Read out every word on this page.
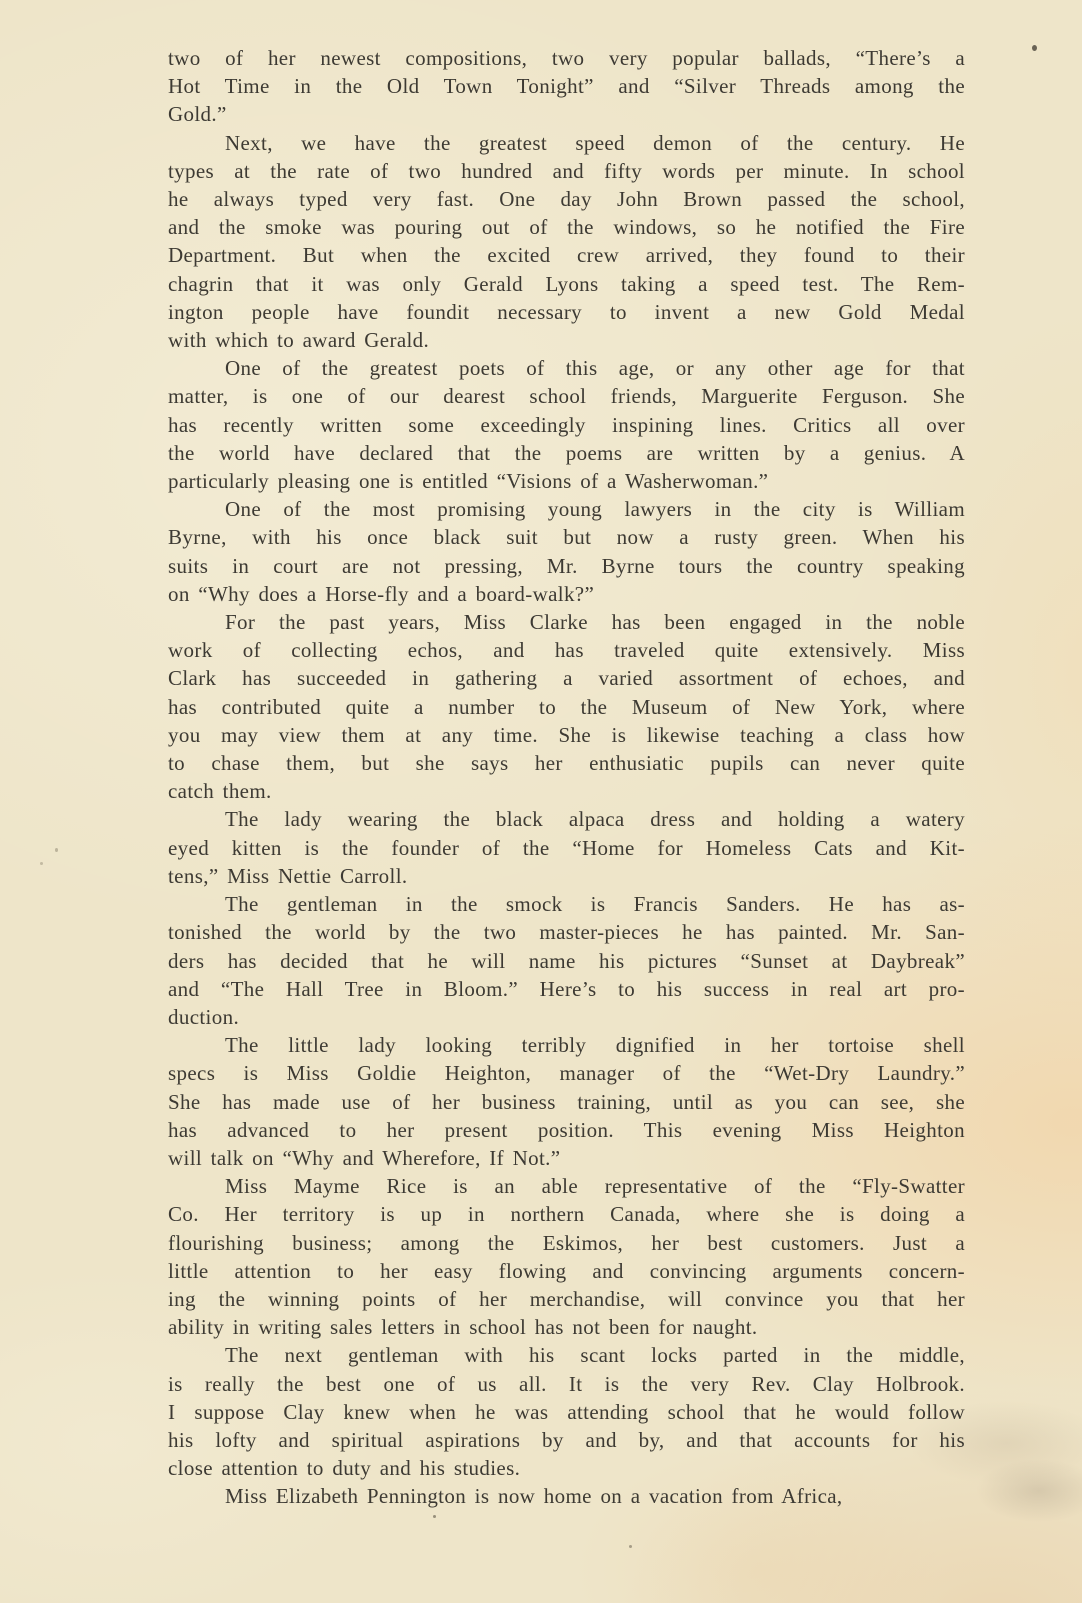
two of her newest compositions, two very popular ballads, “There’s a
Hot Time in the Old Town Tonight” and “Silver Threads among the
Gold.”
Next, we have the greatest speed demon of the century. He
types at the rate of two hundred and fifty words per minute. In school
he always typed very fast. One day John Brown passed the school,
and the smoke was pouring out of the windows, so he notified the Fire
Department. But when the excited crew arrived, they found to their
chagrin that it was only Gerald Lyons taking a speed test. The Rem-
ington people have foundit necessary to invent a new Gold Medal
with which to award Gerald.
One of the greatest poets of this age, or any other age for that
matter, is one of our dearest school friends, Marguerite Ferguson. She
has recently written some exceedingly inspining lines. Critics all over
the world have declared that the poems are written by a genius. A
particularly pleasing one is entitled “Visions of a Washerwoman.”
One of the most promising young lawyers in the city is William
Byrne, with his once black suit but now a rusty green. When his
suits in court are not pressing, Mr. Byrne tours the country speaking
on “Why does a Horse-fly and a board-walk?”
For the past years, Miss Clarke has been engaged in the noble
work of collecting echos, and has traveled quite extensively. Miss
Clark has succeeded in gathering a varied assortment of echoes, and
has contributed quite a number to the Museum of New York, where
you may view them at any time. She is likewise teaching a class how
to chase them, but she says her enthusiatic pupils can never quite
catch them.
The lady wearing the black alpaca dress and holding a watery
eyed kitten is the founder of the “Home for Homeless Cats and Kit-
tens,” Miss Nettie Carroll.
The gentleman in the smock is Francis Sanders. He has as-
tonished the world by the two master-pieces he has painted. Mr. San-
ders has decided that he will name his pictures “Sunset at Daybreak”
and “The Hall Tree in Bloom.” Here’s to his success in real art pro-
duction.
The little lady looking terribly dignified in her tortoise shell
specs is Miss Goldie Heighton, manager of the “Wet-Dry Laundry.”
She has made use of her business training, until as you can see, she
has advanced to her present position. This evening Miss Heighton
will talk on “Why and Wherefore, If Not.”
Miss Mayme Rice is an able representative of the “Fly-Swatter
Co. Her territory is up in northern Canada, where she is doing a
flourishing business; among the Eskimos, her best customers. Just a
little attention to her easy flowing and convincing arguments concern-
ing the winning points of her merchandise, will convince you that her
ability in writing sales letters in school has not been for naught.
The next gentleman with his scant locks parted in the middle,
is really the best one of us all. It is the very Rev. Clay Holbrook.
I suppose Clay knew when he was attending school that he would follow
his lofty and spiritual aspirations by and by, and that accounts for his
close attention to duty and his studies.
Miss Elizabeth Pennington is now home on a vacation from Africa,
